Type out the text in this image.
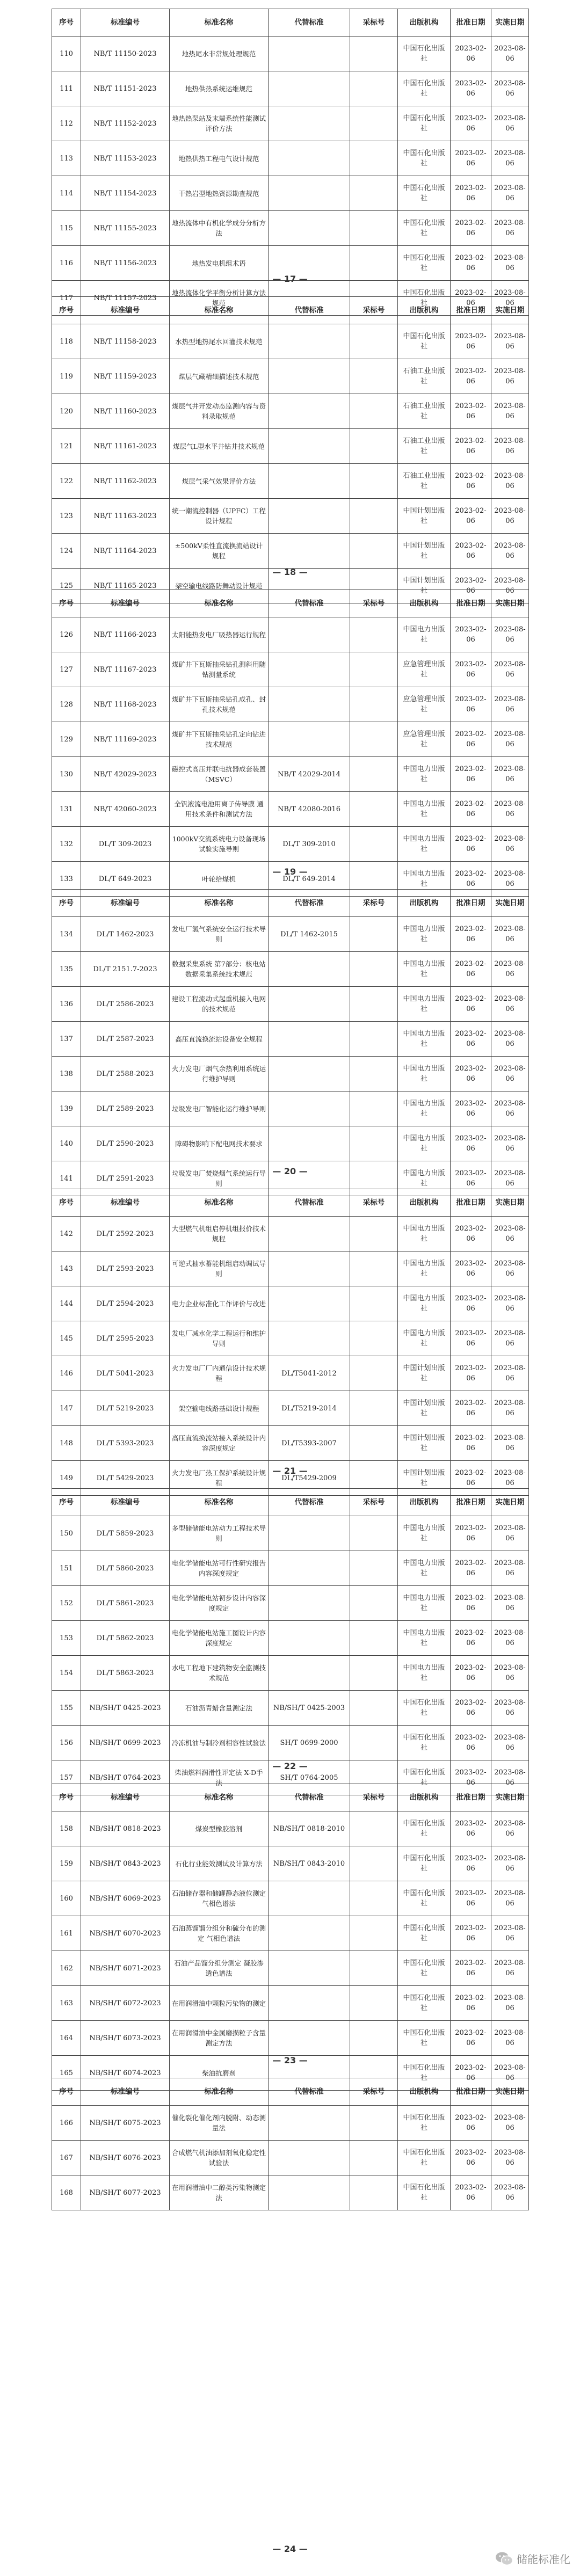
序号	标准编号	标准名称	代替标准	采标号	出版机构	批准日期	实施日期
110	NB/T 11150-2023	地热尾水非常规处理规范			中国石化出版社	2023-02-06	2023-08-06
111	NB/T 11151-2023	地热供热系统运维规范			中国石化出版社	2023-02-06	2023-08-06
112	NB/T 11152-2023	地热热泵站及末端系统性能测试评价方法			中国石化出版社	2023-02-06	2023-08-06
113	NB/T 11153-2023	地热供热工程电气设计规范			中国石化出版社	2023-02-06	2023-08-06
114	NB/T 11154-2023	干热岩型地热资源勘查规范			中国石化出版社	2023-02-06	2023-08-06
115	NB/T 11155-2023	地热流体中有机化学成分分析方法			中国石化出版社	2023-02-06	2023-08-06
116	NB/T 11156-2023	地热发电机组术语			中国石化出版社	2023-02-06	2023-08-06
117	NB/T 11157-2023	地热流体化学平衡分析计算方法规范			中国石化出版社	2023-02-06	2023-08-06
— 17 —
序号	标准编号	标准名称	代替标准	采标号	出版机构	批准日期	实施日期
118	NB/T 11158-2023	水热型地热尾水回灌技术规范			中国石化出版社	2023-02-06	2023-08-06
119	NB/T 11159-2023	煤层气藏精细描述技术规范			石油工业出版社	2023-02-06	2023-08-06
120	NB/T 11160-2023	煤层气井开发动态监测内容与资料录取规范			石油工业出版社	2023-02-06	2023-08-06
121	NB/T 11161-2023	煤层气L型水平井钻井技术规范			石油工业出版社	2023-02-06	2023-08-06
122	NB/T 11162-2023	煤层气采气效果评价方法			石油工业出版社	2023-02-06	2023-08-06
123	NB/T 11163-2023	统一潮流控制器（UPFC）工程设计规程			中国计划出版社	2023-02-06	2023-08-06
124	NB/T 11164-2023	±500kV柔性直流换流站设计规程			中国计划出版社	2023-02-06	2023-08-06
125	NB/T 11165-2023	架空输电线路防舞动设计规范			中国计划出版社	2023-02-06	2023-08-06
— 18 —
序号	标准编号	标准名称	代替标准	采标号	出版机构	批准日期	实施日期
126	NB/T 11166-2023	太阳能热发电厂吸热器运行规程			中国电力出版社	2023-02-06	2023-08-06
127	NB/T 11167-2023	煤矿井下瓦斯抽采钻孔测斜用随钻测量系统			应急管理出版社	2023-02-06	2023-08-06
128	NB/T 11168-2023	煤矿井下瓦斯抽采钻孔成孔、封孔技术规范			应急管理出版社	2023-02-06	2023-08-06
129	NB/T 11169-2023	煤矿井下瓦斯抽采钻孔定向钻进技术规范			应急管理出版社	2023-02-06	2023-08-06
130	NB/T 42029-2023	磁控式高压并联电抗器成套装置（MSVC）	NB/T 42029-2014		中国电力出版社	2023-02-06	2023-08-06
131	NB/T 42060-2023	全钒液流电池用离子传导膜 通用技术条件和测试方法	NB/T 42080-2016		中国电力出版社	2023-02-06	2023-08-06
132	DL/T 309-2023	1000kV交流系统电力设备现场试验实施导则	DL/T 309-2010		中国电力出版社	2023-02-06	2023-08-06
133	DL/T 649-2023	叶轮给煤机	DL/T 649-2014		中国电力出版社	2023-02-06	2023-08-06
— 19 —
序号	标准编号	标准名称	代替标准	采标号	出版机构	批准日期	实施日期
134	DL/T 1462-2023	发电厂氢气系统安全运行技术导则	DL/T 1462-2015		中国电力出版社	2023-02-06	2023-08-06
135	DL/T 2151.7-2023	数据采集系统 第7部分：核电站数据采集系统技术规范			中国电力出版社	2023-02-06	2023-08-06
136	DL/T 2586-2023	建设工程流动式起重机接入电网的技术规范			中国电力出版社	2023-02-06	2023-08-06
137	DL/T 2587-2023	高压直流换流站设备安全规程			中国电力出版社	2023-02-06	2023-08-06
138	DL/T 2588-2023	火力发电厂烟气余热利用系统运行维护导则			中国电力出版社	2023-02-06	2023-08-06
139	DL/T 2589-2023	垃圾发电厂智能化运行维护导则			中国电力出版社	2023-02-06	2023-08-06
140	DL/T 2590-2023	障碍物影响下配电网技术要求			中国电力出版社	2023-02-06	2023-08-06
141	DL/T 2591-2023	垃圾发电厂焚烧烟气系统运行导则			中国电力出版社	2023-02-06	2023-08-06
— 20 —
序号	标准编号	标准名称	代替标准	采标号	出版机构	批准日期	实施日期
142	DL/T 2592-2023	大型燃气机组启停机组报价技术规程			中国电力出版社	2023-02-06	2023-08-06
143	DL/T 2593-2023	可逆式抽水蓄能机组启动调试导则			中国电力出版社	2023-02-06	2023-08-06
144	DL/T 2594-2023	电力企业标准化工作评价与改进			中国电力出版社	2023-02-06	2023-08-06
145	DL/T 2595-2023	发电厂减水化学工程运行和维护导则			中国电力出版社	2023-02-06	2023-08-06
146	DL/T 5041-2023	火力发电厂厂内通信设计技术规程	DL/T5041-2012		中国计划出版社	2023-02-06	2023-08-06
147	DL/T 5219-2023	架空输电线路基础设计规程	DL/T5219-2014		中国计划出版社	2023-02-06	2023-08-06
148	DL/T 5393-2023	高压直流换流站接入系统设计内容深度规定	DL/T5393-2007		中国计划出版社	2023-02-06	2023-08-06
149	DL/T 5429-2023	火力发电厂热工保护系统设计规程	DL/T5429-2009		中国计划出版社	2023-02-06	2023-08-06
— 21 —
序号	标准编号	标准名称	代替标准	采标号	出版机构	批准日期	实施日期
150	DL/T 5859-2023	多型储储能电站动力工程技术导则			中国电力出版社	2023-02-06	2023-08-06
151	DL/T 5860-2023	电化学储能电站可行性研究报告内容深度规定			中国电力出版社	2023-02-06	2023-08-06
152	DL/T 5861-2023	电化学储能电站初步设计内容深度规定			中国电力出版社	2023-02-06	2023-08-06
153	DL/T 5862-2023	电化学储能电站施工图设计内容深度规定			中国电力出版社	2023-02-06	2023-08-06
154	DL/T 5863-2023	水电工程地下建筑物安全监测技术规范			中国电力出版社	2023-02-06	2023-08-06
155	NB/SH/T 0425-2023	石油沥青蜡含量测定法	NB/SH/T 0425-2003		中国石化出版社	2023-02-06	2023-08-06
156	NB/SH/T 0699-2023	冷冻机油与制冷剂相容性试验法	SH/T 0699-2000		中国石化出版社	2023-02-06	2023-08-06
157	NB/SH/T 0764-2023	柴油燃料润滑性评定法 X-D手法	SH/T 0764-2005		中国石化出版社	2023-02-06	2023-08-06
— 22 —
序号	标准编号	标准名称	代替标准	采标号	出版机构	批准日期	实施日期
158	NB/SH/T 0818-2023	煤炭型橡胶溶剂	NB/SH/T 0818-2010		中国石化出版社	2023-02-06	2023-08-06
159	NB/SH/T 0843-2023	石化行业能效测试及计算方法	NB/SH/T 0843-2010		中国石化出版社	2023-02-06	2023-08-06
160	NB/SH/T 6069-2023	石油储存器和储罐静态液位测定 气相色谱法			中国石化出版社	2023-02-06	2023-08-06
161	NB/SH/T 6070-2023	石油蒸馏馏分组分和硫分布的测定 气相色谱法			中国石化出版社	2023-02-06	2023-08-06
162	NB/SH/T 6071-2023	石油产品馏分组分测定 凝胶渗透色谱法			中国石化出版社	2023-02-06	2023-08-06
163	NB/SH/T 6072-2023	在用润滑油中颗粒污染物的测定			中国石化出版社	2023-02-06	2023-08-06
164	NB/SH/T 6073-2023	在用润滑油中金属磨损粒子含量测定方法			中国石化出版社	2023-02-06	2023-08-06
165	NB/SH/T 6074-2023	柴油抗磨剂			中国石化出版社	2023-02-06	2023-08-06
— 23 —
序号	标准编号	标准名称	代替标准	采标号	出版机构	批准日期	实施日期
166	NB/SH/T 6075-2023	催化裂化催化剂内脱附、动态测量法			中国石化出版社	2023-02-06	2023-08-06
167	NB/SH/T 6076-2023	合成燃气机油添加剂氧化稳定性试验法			中国石化出版社	2023-02-06	2023-08-06
168	NB/SH/T 6077-2023	在用润滑油中二醇类污染物测定法			中国石化出版社	2023-02-06	2023-08-06
— 24 —
储能标准化
